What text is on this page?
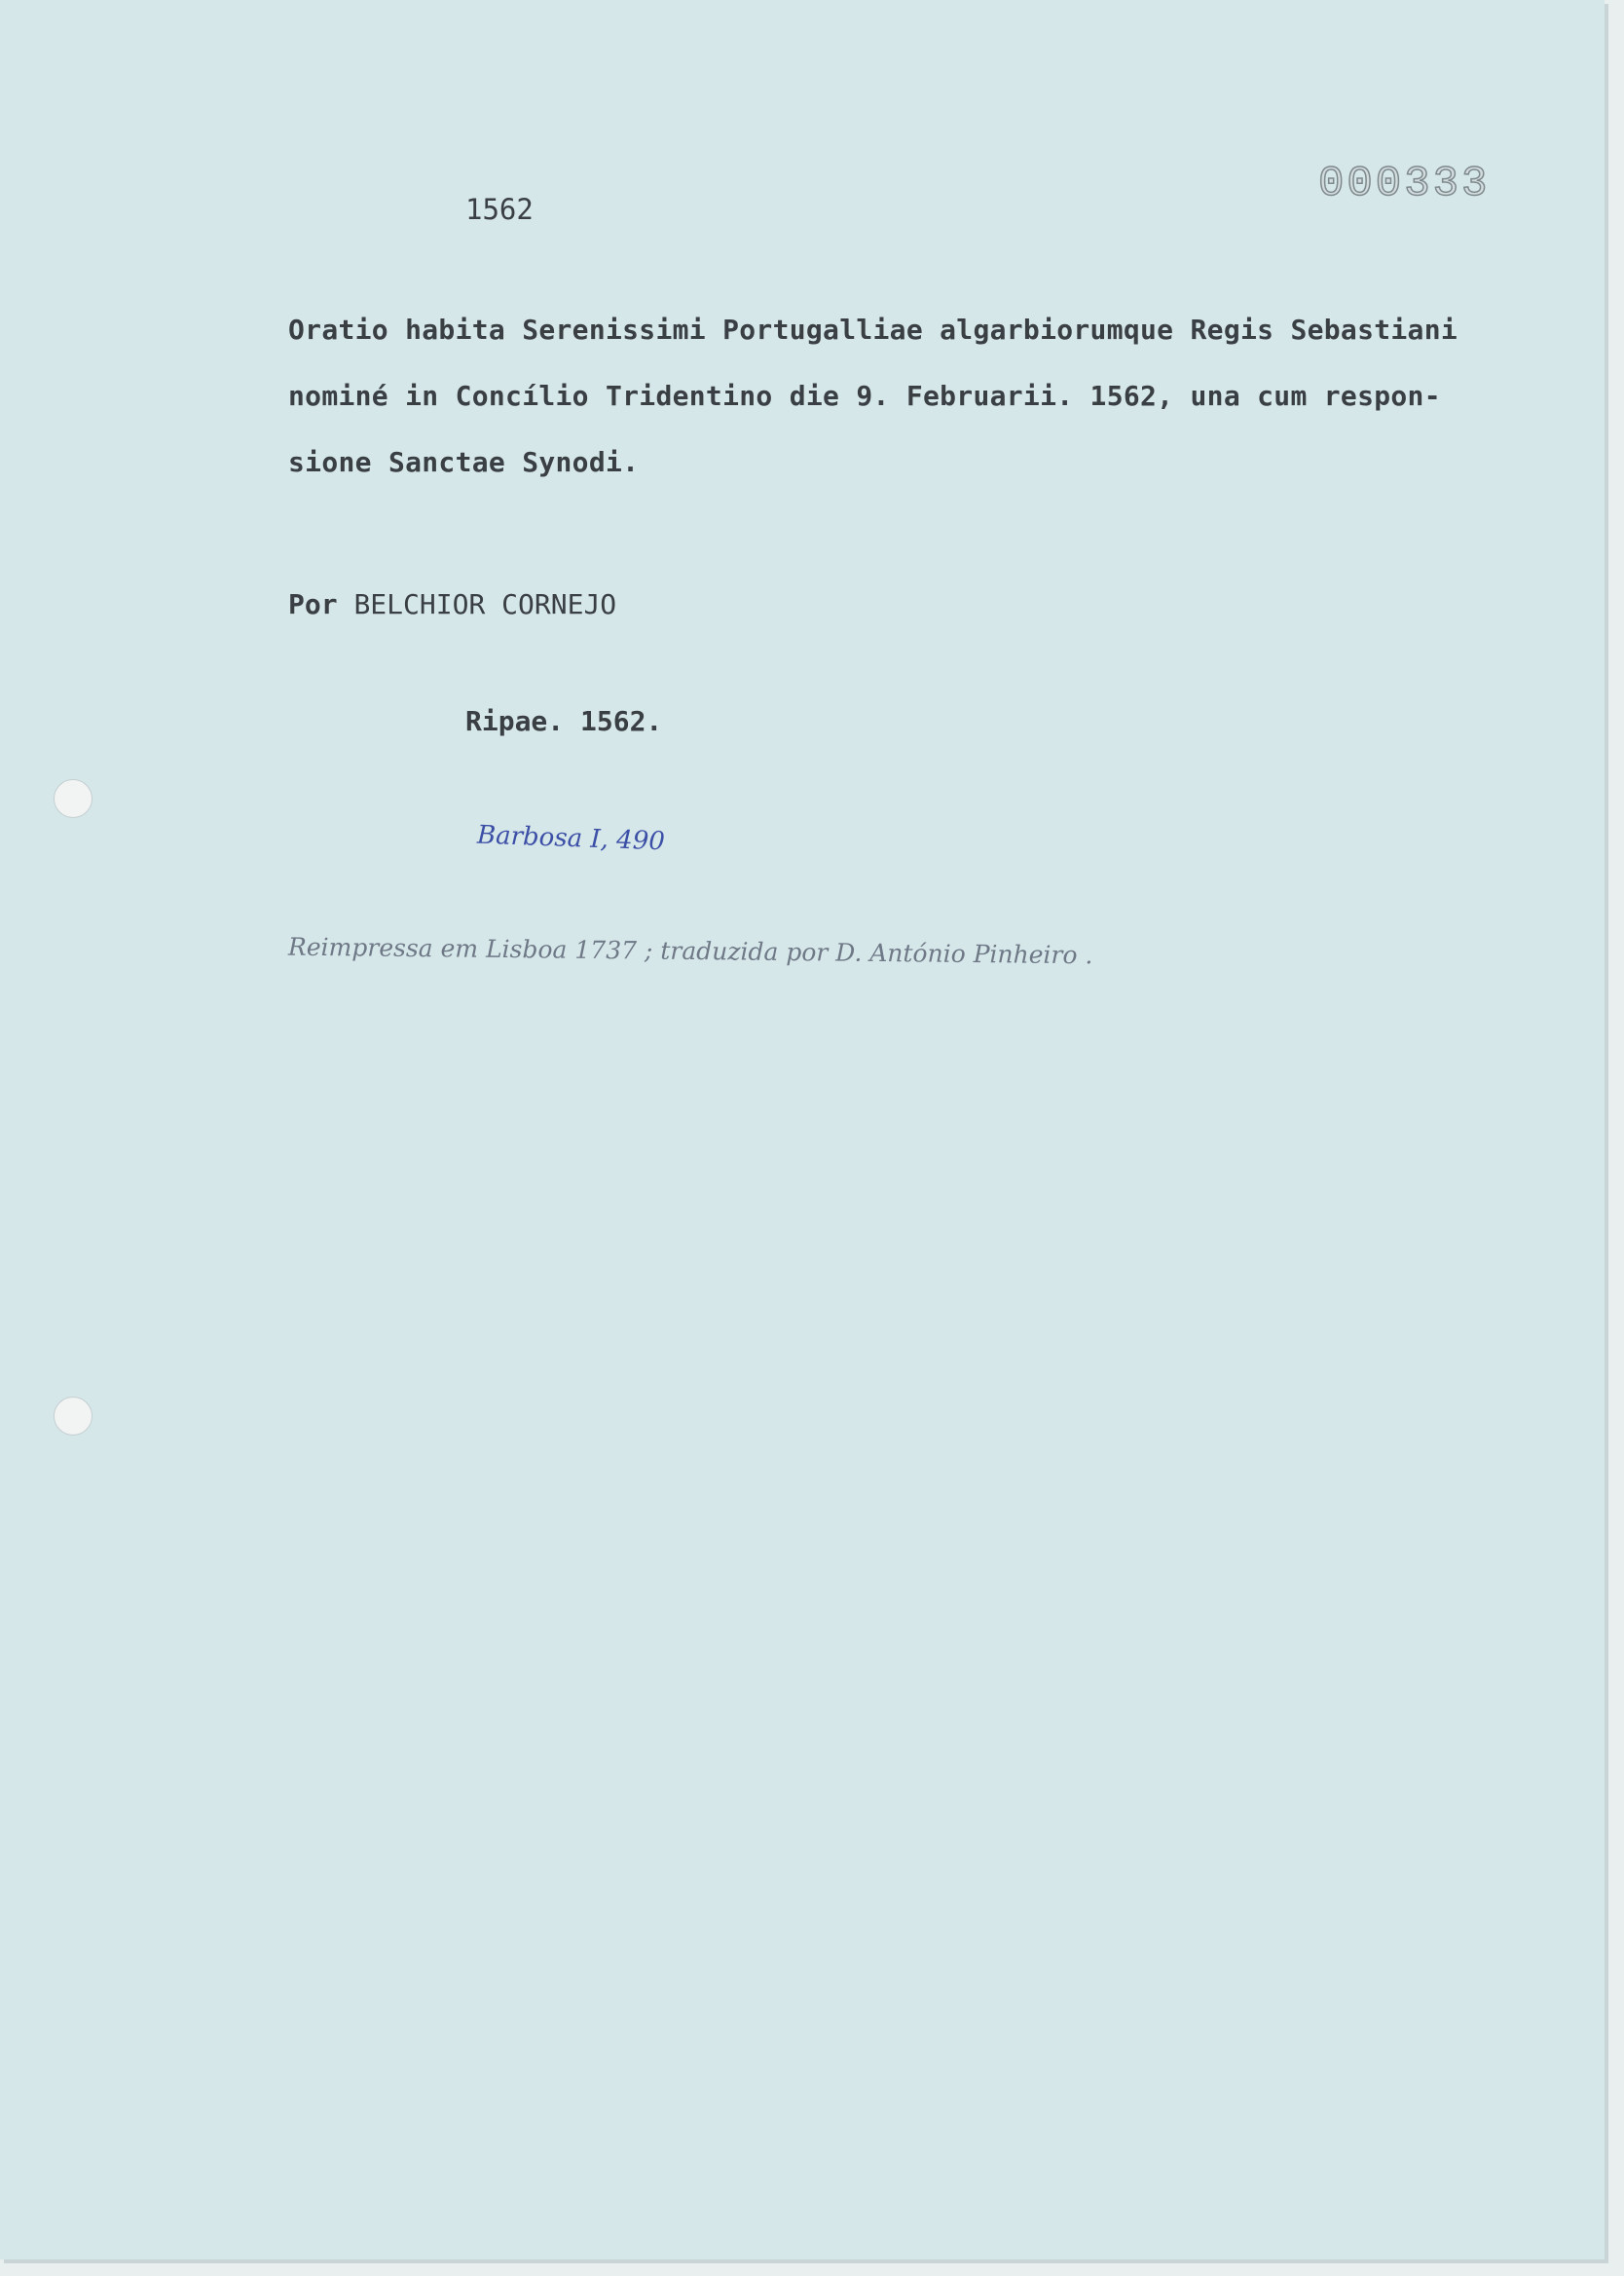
1562
000333
Oratio habita Serenissimi Portugalliae algarbiorumque Regis Sebastiani
nominé in Concílio Tridentino die 9. Februarii. 1562, una cum respon-
sione Sanctae Synodi.
Por BELCHIOR CORNEJO
Ripae. 1562.
Barbosa I, 490
Reimpressa em Lisboa 1737 ; traduzida por D. António Pinheiro .
